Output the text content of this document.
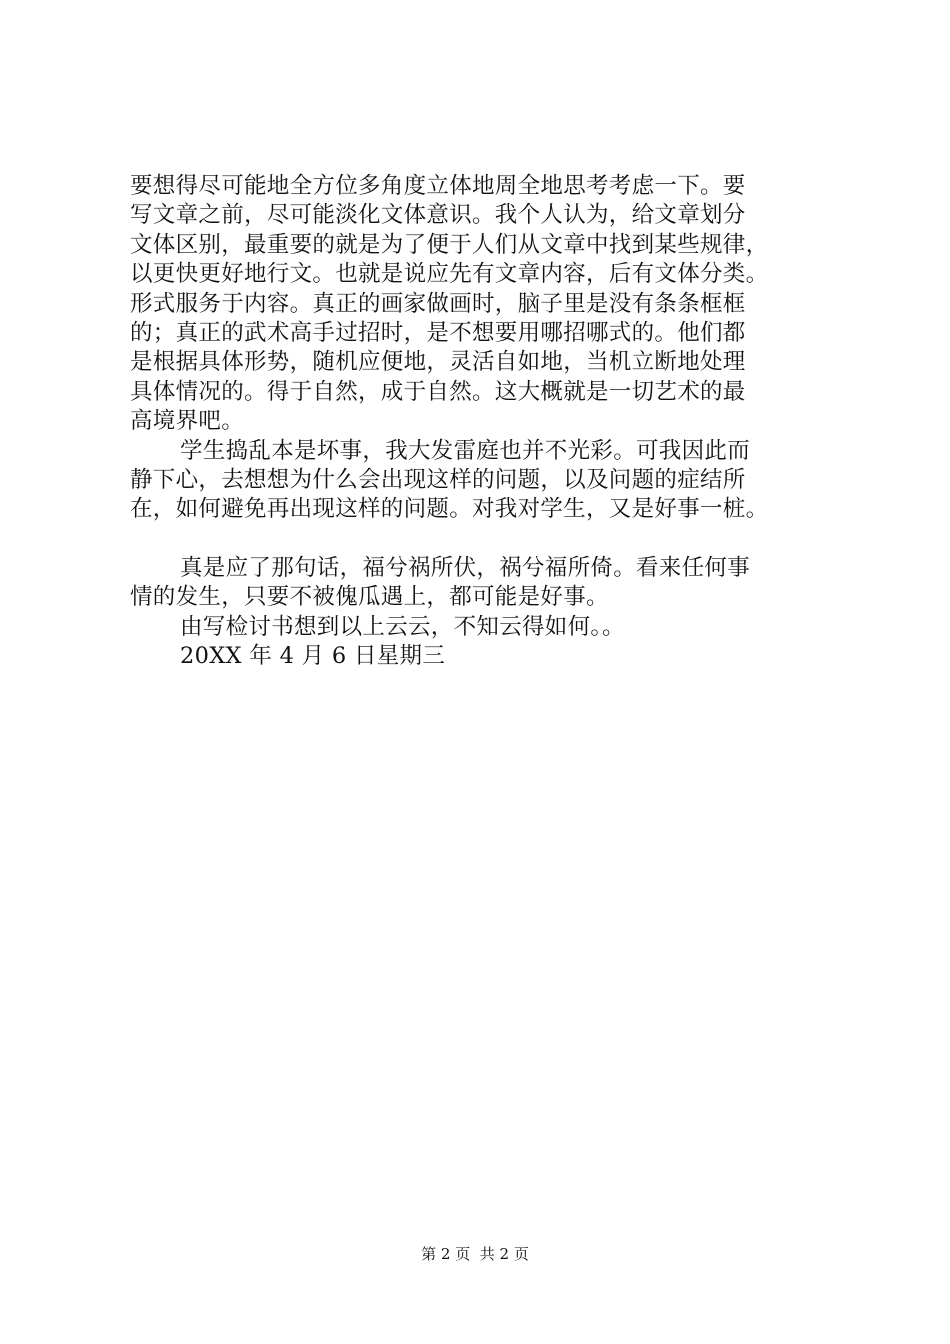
要想得尽可能地全方位多角度立体地周全地思考考虑一下。要
写文章之前，尽可能淡化文体意识。我个人认为，给文章划分
文体区别，最重要的就是为了便于人们从文章中找到某些规律，
以更快更好地行文。也就是说应先有文章内容，后有文体分类。
形式服务于内容。真正的画家做画时，脑子里是没有条条框框
的；真正的武术高手过招时，是不想要用哪招哪式的。他们都
是根据具体形势，随机应便地，灵活自如地，当机立断地处理
具体情况的。得于自然，成于自然。这大概就是一切艺术的最
高境界吧。
学生捣乱本是坏事，我大发雷庭也并不光彩。可我因此而
静下心，去想想为什么会出现这样的问题，以及问题的症结所
在，如何避免再出现这样的问题。对我对学生，又是好事一桩。
真是应了那句话，福兮祸所伏，祸兮福所倚。看来任何事
情的发生，只要不被傀瓜遇上，都可能是好事。
由写检讨书想到以上云云，不知云得如何。。
20XX 年 4 月 6 日星期三
第 2 页  共 2 页
